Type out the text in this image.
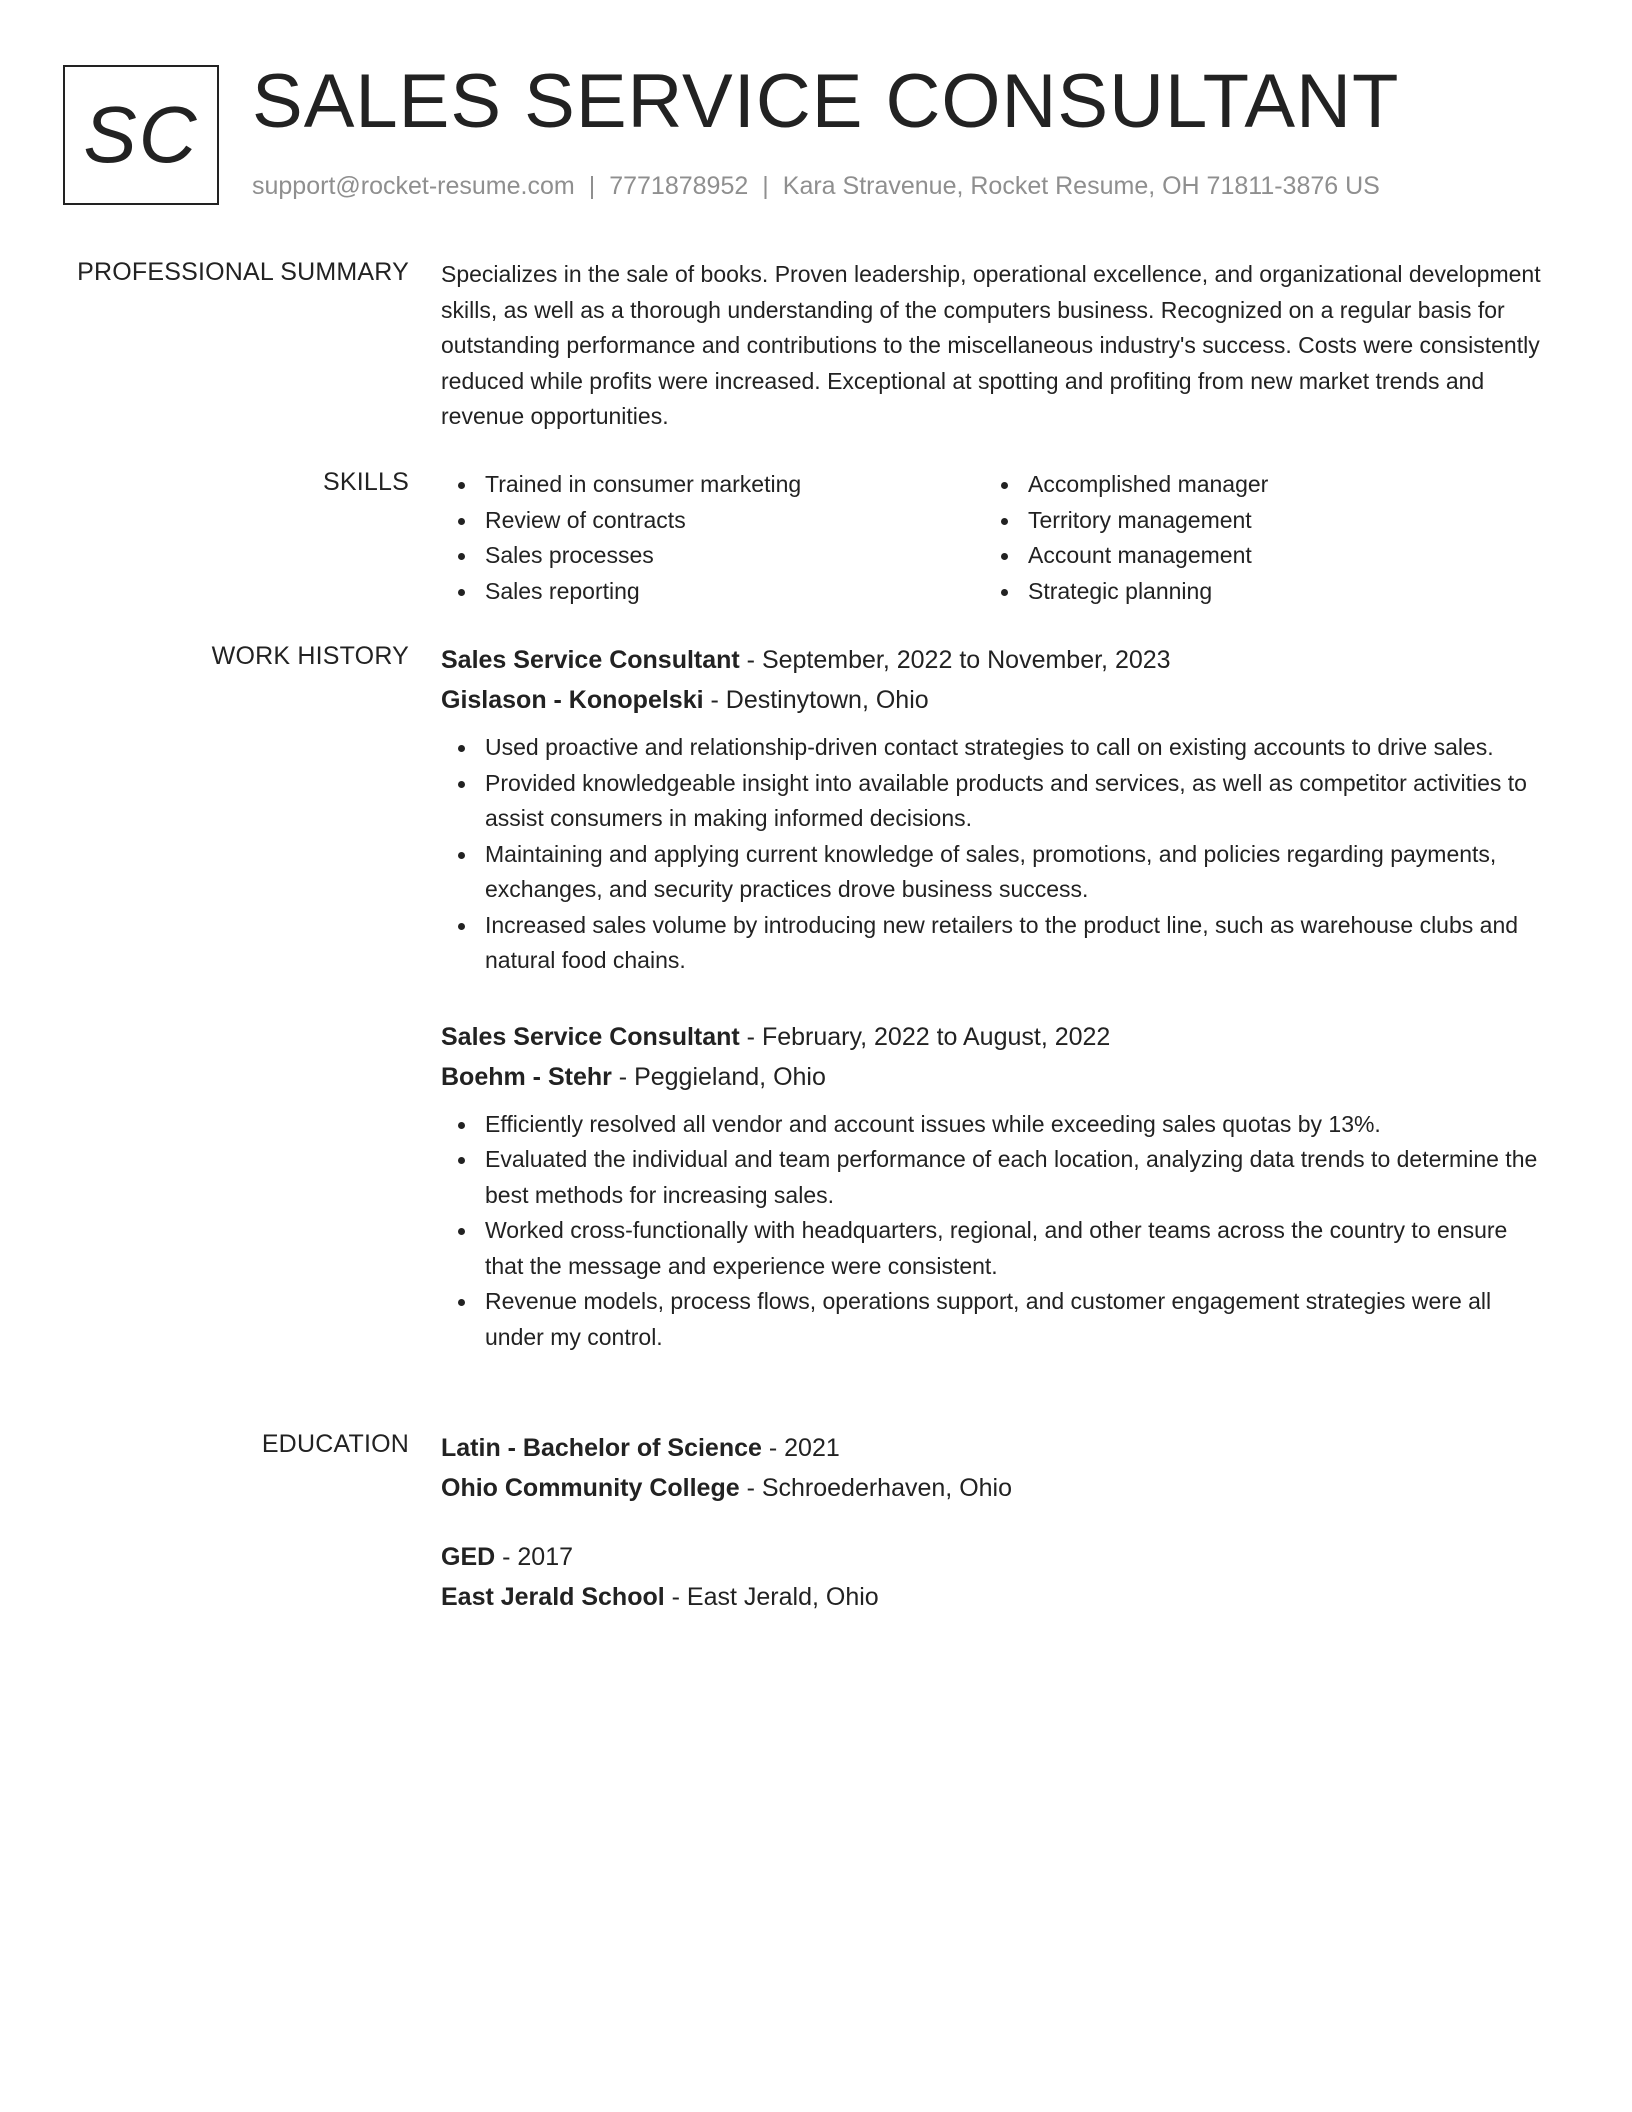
SC SALES SERVICE CONSULTANT
support@rocket-resume.com | 7771878952 | Kara Stravenue, Rocket Resume, OH 71811-3876 US
PROFESSIONAL SUMMARY Specializes in the sale of books. Proven leadership, operational excellence, and organizational development skills, as well as a thorough understanding of the computers business. Recognized on a regular basis for outstanding performance and contributions to the miscellaneous industry's success. Costs were consistently reduced while profits were increased. Exceptional at spotting and profiting from new market trends and revenue opportunities.

SKILLS	Trained in consumer marketing
Review of contracts
Sales processes
Sales reporting
Accomplished manager
Territory management
Account management
Strategic planning
WORK HISTORY Sales Service Consultant - September, 2022 to November, 2023
Gislason - Konopelski - Destinytown, Ohio
Used proactive and relationship-driven contact strategies to call on existing accounts to drive sales.
Provided knowledgeable insight into available products and services, as well as competitor activities to assist consumers in making informed decisions.
Maintaining and applying current knowledge of sales, promotions, and policies regarding payments, exchanges, and security practices drove business success.
Increased sales volume by introducing new retailers to the product line, such as warehouse clubs and natural food chains.
Sales Service Consultant - February, 2022 to August, 2022
Boehm - Stehr - Peggieland, Ohio
Efficiently resolved all vendor and account issues while exceeding sales quotas by 13%.
Evaluated the individual and team performance of each location, analyzing data trends to determine the best methods for increasing sales.
Worked cross-functionally with headquarters, regional, and other teams across the country to ensure that the message and experience were consistent.
Revenue models, process flows, operations support, and customer engagement strategies were all under my control.
EDUCATION Latin - Bachelor of Science - 2021
Ohio Community College - Schroederhaven, Ohio
GED - 2017
East Jerald School - East Jerald, Ohio
